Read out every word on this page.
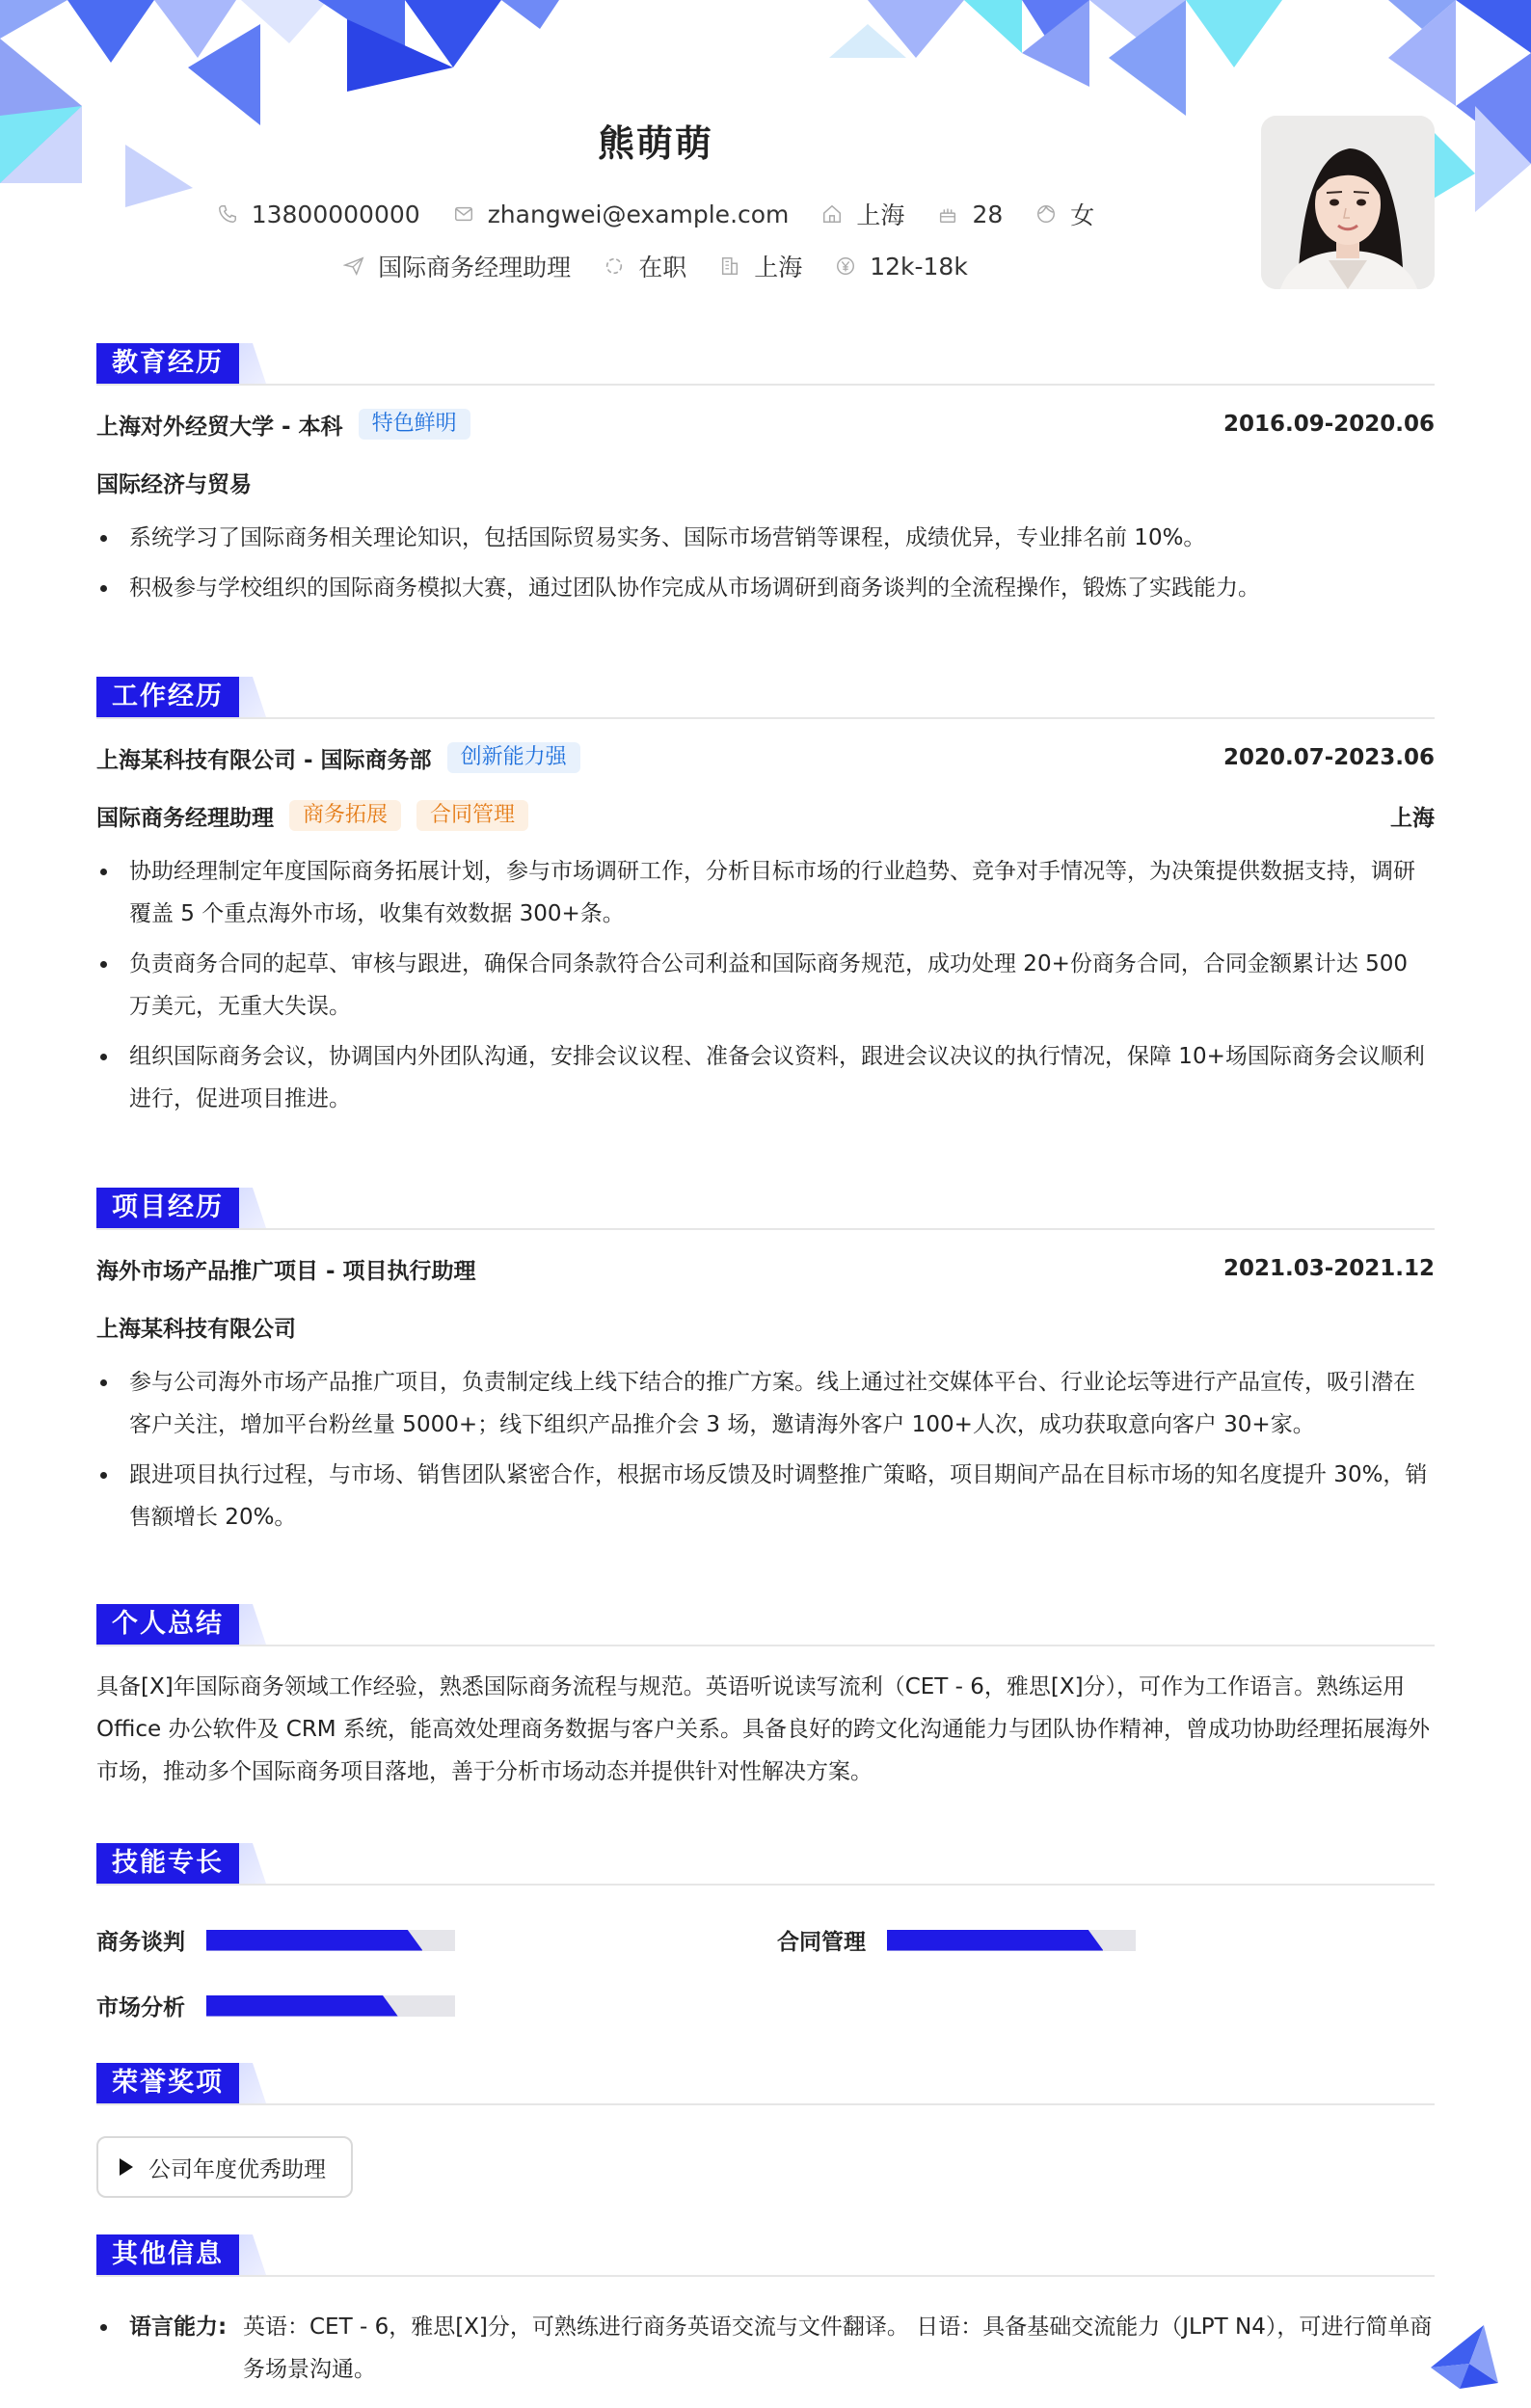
熊萌萌
13800000000	zhangwei@example.com	上海	28	女
国际商务经理助理	在职	上海	12k-18k
教育经历
上海对外经贸大学 - 本科	特色鲜明	2016.09-2020.06
国际经济与贸易
系统学习了国际商务相关理论知识，包括国际贸易实务、国际市场营销等课程，成绩优异，专业排名前 10%。
积极参与学校组织的国际商务模拟大赛，通过团队协作完成从市场调研到商务谈判的全流程操作，锻炼了实践能力。
工作经历
上海某科技有限公司 - 国际商务部	创新能力强	2020.07-2023.06
国际商务经理助理	商务拓展	合同管理	上海
协助经理制定年度国际商务拓展计划，参与市场调研工作，分析目标市场的行业趋势、竞争对手情况等，为决策提供数据支持，调研覆盖 5 个重点海外市场，收集有效数据 300+条。
负责商务合同的起草、审核与跟进，确保合同条款符合公司利益和国际商务规范，成功处理 20+份商务合同，合同金额累计达 500 万美元，无重大失误。
组织国际商务会议，协调国内外团队沟通，安排会议议程、准备会议资料，跟进会议决议的执行情况，保障 10+场国际商务会议顺利进行，促进项目推进。
项目经历
海外市场产品推广项目 - 项目执行助理	2021.03-2021.12
上海某科技有限公司
参与公司海外市场产品推广项目，负责制定线上线下结合的推广方案。线上通过社交媒体平台、行业论坛等进行产品宣传，吸引潜在客户关注，增加平台粉丝量 5000+；线下组织产品推介会 3 场，邀请海外客户 100+人次，成功获取意向客户 30+家。
跟进项目执行过程，与市场、销售团队紧密合作，根据市场反馈及时调整推广策略，项目期间产品在目标市场的知名度提升 30%，销售额增长 20%。
个人总结

具备[X]年国际商务领域工作经验，熟悉国际商务流程与规范。英语听说读写流利（CET - 6，雅思[X]分），可作为工作语言。熟练运用 Office 办公软件及 CRM 系统，能高效处理商务数据与客户关系。具备良好的跨文化沟通能力与团队协作精神，曾成功协助经理拓展海外市场，推动多个国际商务项目落地，善于分析市场动态并提供针对性解决方案。

技能专长
商务谈判	合同管理
市场分析
荣誉奖项
公司年度优秀助理
其他信息
语言能力: 英语：CET - 6，雅思[X]分，可熟练进行商务英语交流与文件翻译。 日语：具备基础交流能力（JLPT N4），可进行简单商务场景沟通。
